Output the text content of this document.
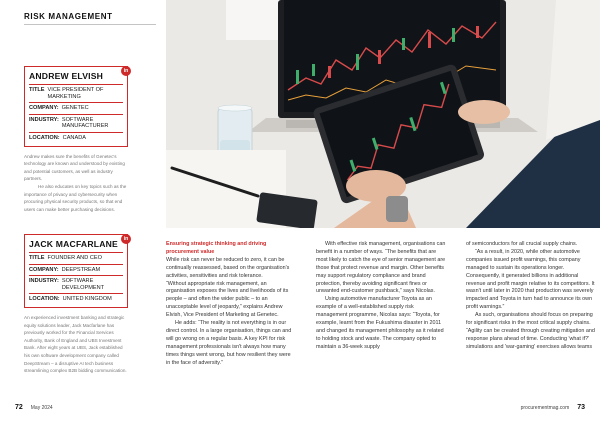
RISK MANAGEMENT
ANDREW ELVISH	in
TITLE VICE PRESIDENT OF MARKETING
COMPANY: GENETEC
INDUSTRY: SOFTWARE MANUFACTURER
LOCATION: CANADA

Andrew makes sure the benefits of Genetec's technology are known and understood by existing and potential customers, as well as industry partners.

He also educates on key topics such as the importance of privacy and cybersecurity when procuring physical security products, so that end users can make better purchasing decisions.

JACK MACFARLANE	in
TITLE FOUNDER AND CEO
COMPANY: DEEPSTREAM
INDUSTRY: SOFTWARE DEVELOPMENT
LOCATION: UNITED KINGDOM

An experienced investment banking and strategic equity solutions leader, Jack Macfarlane has previously worked for the Financial Services Authority, Bank of England and UBS Investment Bank. After eight years at UBS, Jack established his own software development company called DeepStream – a disruptive AI tech business streamlining complex B2B bidding communication.

Ensuring strategic thinking and driving procurement value

While risk can never be reduced to zero, it can be continually reassessed, based on the organisation's activities, sensitivities and risk tolerance.

“Without appropriate risk management, an organisation exposes the lives and livelihoods of its people – and often the wider public – to an unacceptable level of jeopardy,” explains Andrew Elvish, Vice President of Marketing at Genetec.

He adds: “The reality is not everything is in our direct control. In a large organisation, things can and will go wrong on a regular basis. A key KPI for risk management professionals isn't always how many times things went wrong, but how resilient they were in the face of adversity.”

With effective risk management, organisations can benefit in a number of ways. “The benefits that are most likely to catch the eye of senior management are those that protect revenue and margin. Other benefits may support regulatory compliance and brand protection, thereby avoiding significant fines or unwanted end-customer pushback,” says Nicolas.

Using automotive manufacturer Toyota as an example of a well-established supply risk management programme, Nicolas says: “Toyota, for example, learnt from the Fukushima disaster in 2011 and changed its management philosophy as it related to holding stock and waste. The company opted to maintain a 36-week supply

of semiconductors for all crucial supply chains.

“As a result, in 2020, while other automotive companies issued profit warnings, this company managed to sustain its operations longer. Consequently, it generated billions in additional revenue and profit margin relative to its competitors. It wasn't until later in 2020 that production was severely impacted and Toyota in turn had to announce its own profit warnings.”

As such, organisations should focus on preparing for significant risks in the most critical supply chains. “Agility can be created through creating mitigation and response plans ahead of time. Conducting 'what if?' simulations and 'war-gaming' exercises allows teams

72 May 2024	procurementmag.com 73
